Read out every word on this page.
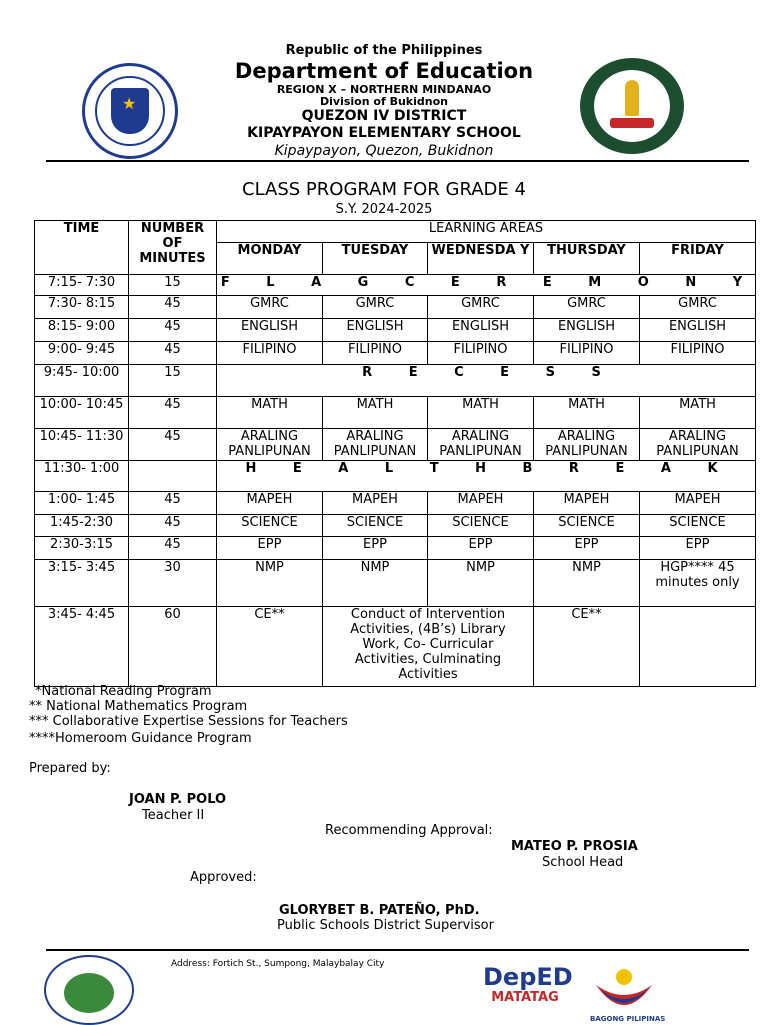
★
Republic of the Philippines
Department of Education
REGION X – NORTHERN MINDANAO
Division of Bukidnon
QUEZON IV DISTRICT
KIPAYPAYON ELEMENTARY SCHOOL
Kipaypayon, Quezon, Bukidnon
CLASS PROGRAM FOR GRADE 4
S.Y. 2024-2025
TIME	NUMBER OF MINUTES	LEARNING AREAS				
		MONDAY	TUESDAY	WEDNESDA Y	THURSDAY	FRIDAY
7:15- 7:30	15	F L A G C E R E M O N Y				
7:30- 8:15	45	GMRC	GMRC	GMRC	GMRC	GMRC
8:15- 9:00	45	ENGLISH	ENGLISH	ENGLISH	ENGLISH	ENGLISH
9:00- 9:45	45	FILIPINO	FILIPINO	FILIPINO	FILIPINO	FILIPINO
9:45- 10:00	15	R E C E S S				
10:00- 10:45	45	MATH	MATH	MATH	MATH	MATH
10:45- 11:30	45	ARALING PANLIPUNAN	ARALING PANLIPUNAN	ARALING PANLIPUNAN	ARALING PANLIPUNAN	ARALING PANLIPUNAN
11:30- 1:00		H E A L T H B R E A K				
1:00- 1:45	45	MAPEH	MAPEH	MAPEH	MAPEH	MAPEH
1:45-2:30	45	SCIENCE	SCIENCE	SCIENCE	SCIENCE	SCIENCE
2:30-3:15	45	EPP	EPP	EPP	EPP	EPP
3:15- 3:45	30	NMP	NMP	NMP	NMP	HGP**** 45 minutes only
3:45- 4:45	60	CE**	Conduct of Intervention Activities, (4B’s) Library Work, Co- Curricular Activities, Culminating Activities		CE**	
*National Reading Program
** National Mathematics Program
*** Collaborative Expertise Sessions for Teachers
****Homeroom Guidance Program
Prepared by:
JOAN P. POLO
Teacher II
Recommending Approval:
MATEO P. PROSIA
School Head
Approved:
GLORYBET B. PATEÑO, PhD.
Public Schools District Supervisor
Address: Fortich St., Sumpong, Malaybalay City	DepED
MATATAG
BAGONG PILIPINAS
